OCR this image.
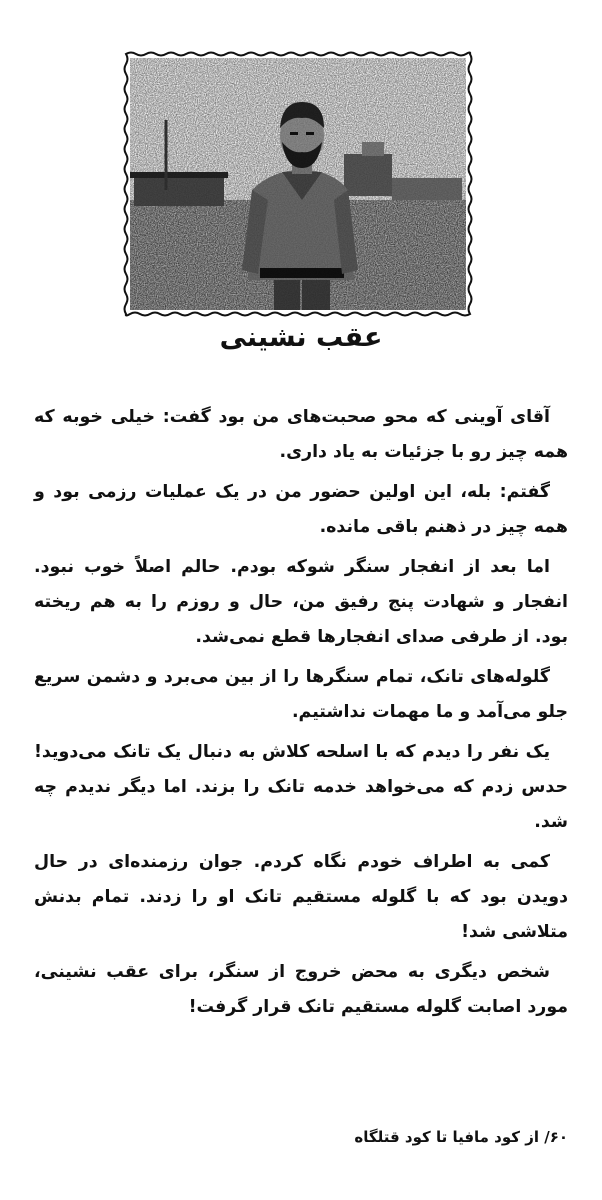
عقب نشینی

آقای آوینی که محو صحبت‌های من بود گفت: خیلی خوبه که همه چیز رو با جزئیات به یاد داری.

گفتم: بله، این اولین حضور من در یک عملیات رزمی بود و همه چیز در ذهنم باقی مانده.

اما بعد از انفجار سنگر شوکه بودم. حالم اصلاً خوب نبود. انفجار و شهادت پنج رفیق من، حال و روزم را به هم ریخته بود. از طرفی صدای انفجارها قطع نمی‌شد.

گلوله‌های تانک، تمام سنگرها را از بین می‌برد و دشمن سریع جلو می‌آمد و ما مهمات نداشتیم.

یک نفر را دیدم که با اسلحه کلاش به دنبال یک تانک می‌دوید! حدس زدم که می‌خواهد خدمه تانک را بزند. اما دیگر ندیدم چه شد.

کمی به اطراف خودم نگاه کردم. جوان رزمنده‌ای در حال دویدن بود که با گلوله مستقیم تانک او را زدند. تمام بدنش متلاشی شد!

شخص دیگری به محض خروج از سنگر، برای عقب نشینی، مورد اصابت گلوله مستقیم تانک قرار گرفت!

۶۰/ از کود مافیا تا کود قتلگاه
